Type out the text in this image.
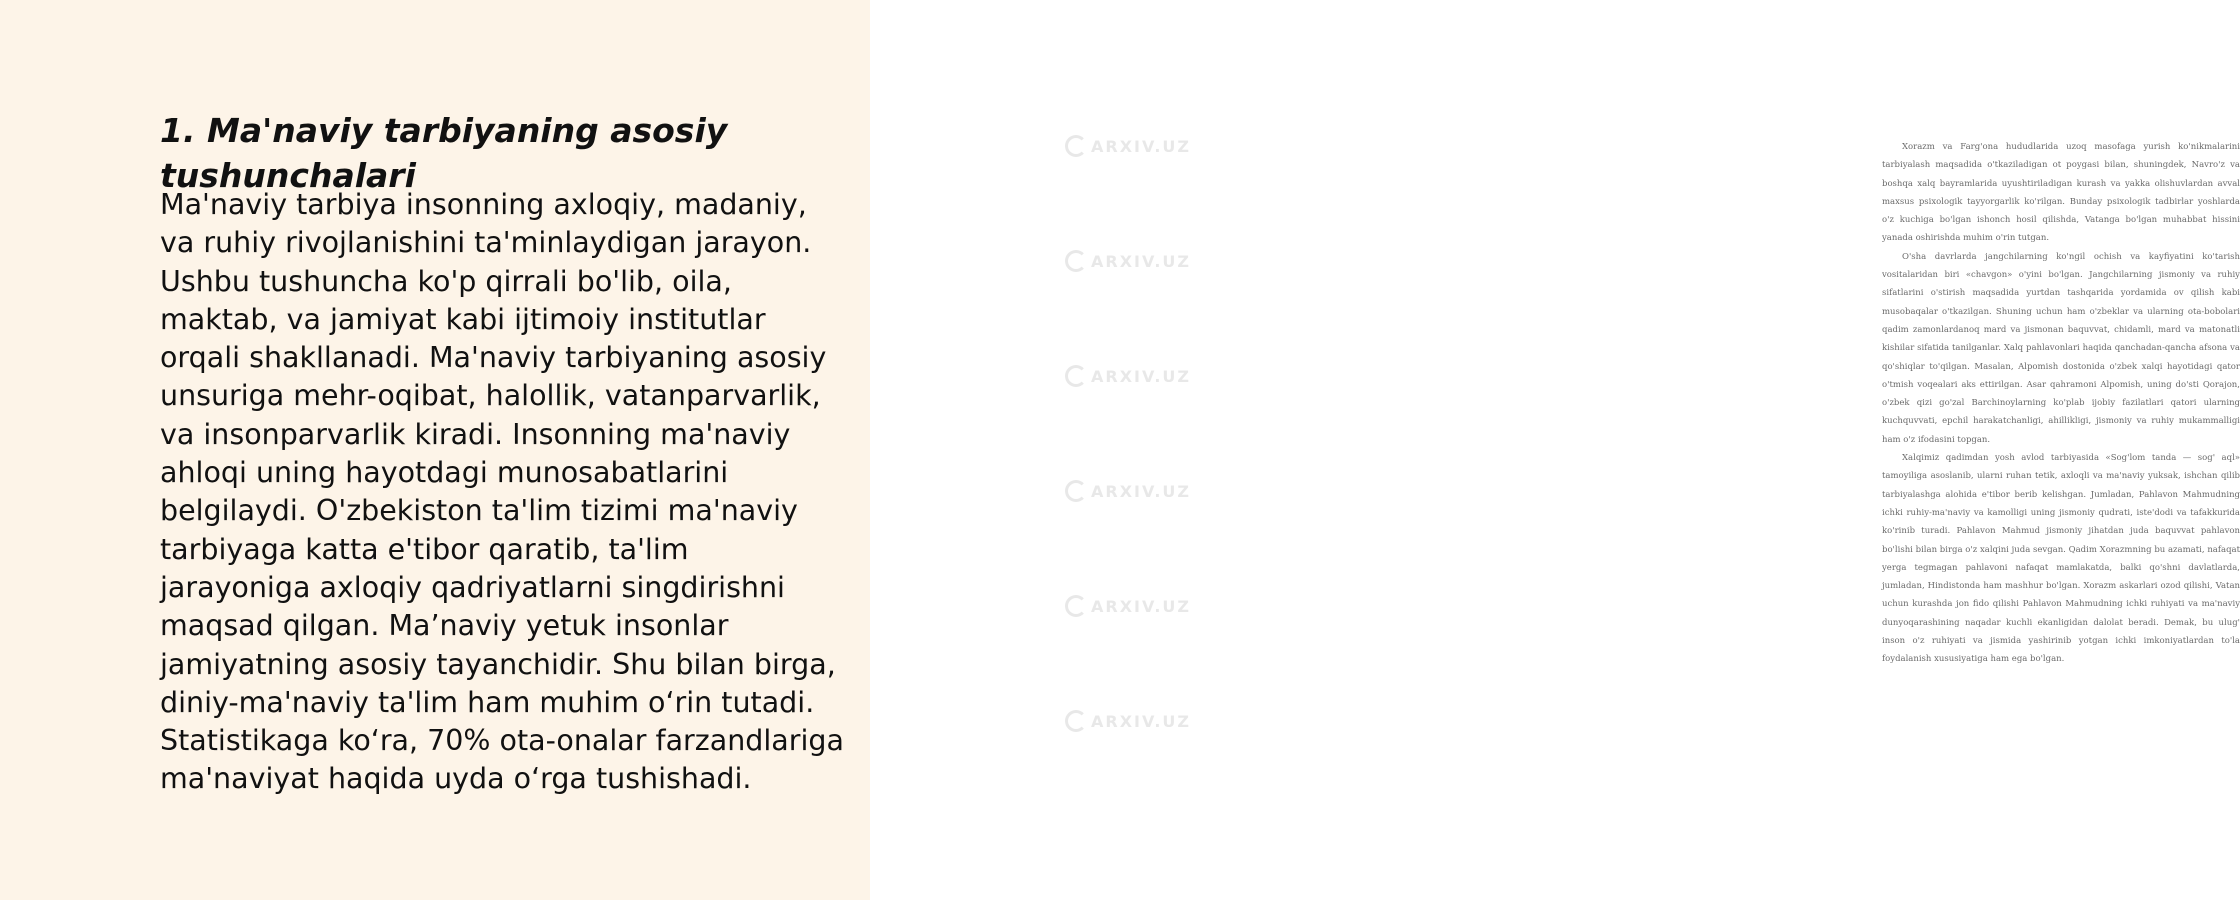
1. Ma'naviy tarbiyaning asosiy tushunchalari

Ma'naviy tarbiya insonning axloqiy, madaniy, va ruhiy rivojlanishini ta'minlaydigan jarayon. Ushbu tushuncha ko'p qirrali bo'lib, oila, maktab, va jamiyat kabi ijtimoiy institutlar orqali shakllanadi. Ma'naviy tarbiyaning asosiy unsuriga mehr-oqibat, halollik, vatanparvarlik, va insonparvarlik kiradi. Insonning ma'naviy ahloqi uning hayotdagi munosabatlarini belgilaydi. O'zbekiston ta'lim tizimi ma'naviy tarbiyaga katta e'tibor qaratib, ta'lim jarayoniga axloqiy qadriyatlarni singdirishni maqsad qilgan. Ma’naviy yetuk insonlar jamiyatning asosiy tayanchidir. Shu bilan birga, diniy-ma'naviy ta'lim ham muhim o‘rin tutadi. Statistikaga ko‘ra, 70% ota-onalar farzandlariga ma'naviyat haqida uyda o‘rga tushishadi.

Xorazm va Farg'ona hududlarida uzoq masofaga yurish ko'nikmalarini tarbiyalash maqsadida o'tkaziladigan ot poygasi bilan, shuningdek, Navro'z va boshqa xalq bayramlarida uyushtiriladigan kurash va yakka olishuvlardan avval maxsus psixologik tayyorgarlik ko'rilgan. Bunday psixologik tadbirlar yoshlarda o'z kuchiga bo'lgan ishonch hosil qilishda, Vatanga bo'lgan muhabbat hissini yanada oshirishda muhim o'rin tutgan.

O'sha davrlarda jangchilarning ko'ngil ochish va kayfiyatini ko'tarish vositalaridan biri «chavgon» o'yini bo'lgan. Jangchilarning jismoniy va ruhiy sifatlarini o'stirish maqsadida yurtdan tashqarida yordamida ov qilish kabi musobaqalar o'tkazilgan. Shuning uchun ham o'zbeklar va ularning ota-bobolari qadim zamonlardanoq mard va jismonan baquvvat, chidamli, mard va matonatli kishilar sifatida tanilganlar. Xalq pahlavonlari haqida qanchadan-qancha afsona va qo'shiqlar to'qilgan. Masalan, Alpomish dostonida o'zbek xalqi hayotidagi qator o'tmish voqealari aks ettirilgan. Asar qahramoni Alpomish, uning do'sti Qorajon, o'zbek qizi go'zal Barchinoylarning ko'plab ijobiy fazilatlari qatori ularning kuchquvvati, epchil harakatchanligi, ahillikligi, jismoniy va ruhiy mukammalligi ham o'z ifodasini topgan.

Xalqimiz qadimdan yosh avlod tarbiyasida «Sog'lom tanda — sog' aql» tamoyiliga asoslanib, ularni ruhan tetik, axloqli va ma'naviy yuksak, ishchan qilib tarbiyalashga alohida e'tibor berib kelishgan. Jumladan, Pahlavon Mahmudning ichki ruhiy-ma'naviy va kamolligi uning jismoniy qudrati, iste'dodi va tafakkurida ko'rinib turadi. Pahlavon Mahmud jismoniy jihatdan juda baquvvat pahlavon bo'lishi bilan birga o'z xalqini juda sevgan. Qadim Xorazmning bu azamati, nafaqat yerga tegmagan pahlavoni nafaqat mamlakatda, balki qo'shni davlatlarda, jumladan, Hindistonda ham mashhur bo'lgan. Xorazm askarlari ozod qilishi, Vatan uchun kurashda jon fido qilishi Pahlavon Mahmudning ichki ruhiyati va ma'naviy dunyoqarashining naqadar kuchli ekanligidan dalolat beradi. Demak, bu ulug' inson o'z ruhiyati va jismida yashirinib yotgan ichki imkoniyatlardan to'la foydalanish xususiyatiga ham ega bo'lgan.

ARXIV.UZ
ARXIV.UZ
ARXIV.UZ
ARXIV.UZ
ARXIV.UZ
ARXIV.UZ
